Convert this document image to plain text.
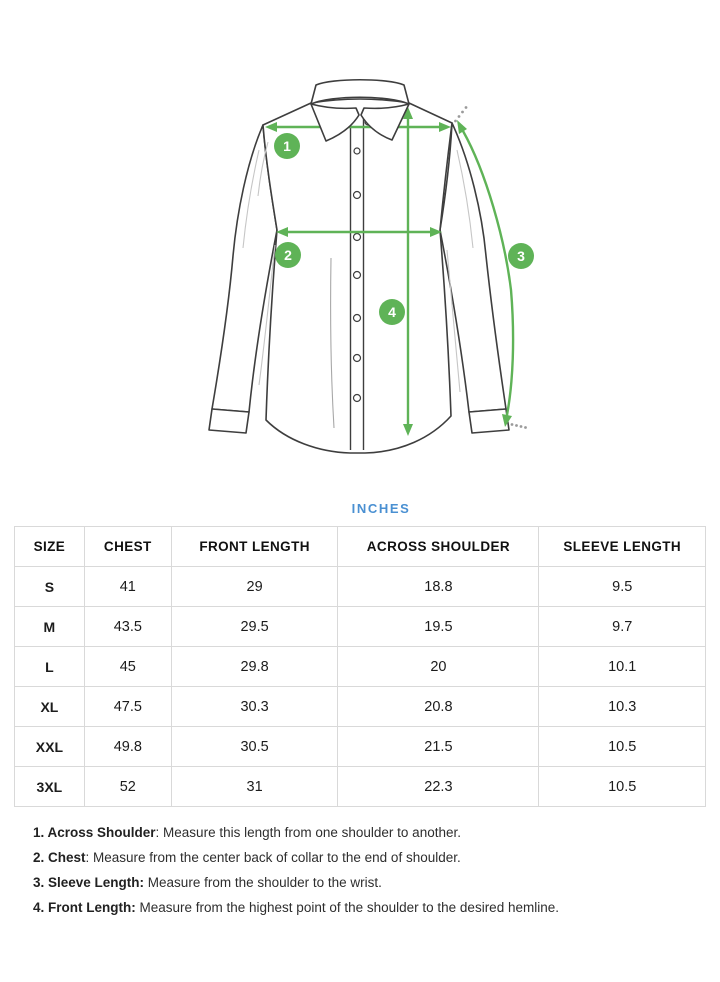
1
2	3
4
INCHES
SIZE	CHEST	FRONT LENGTH	ACROSS SHOULDER	SLEEVE LENGTH
S	41	29	18.8	9.5
M	43.5	29.5	19.5	9.7
L	45	29.8	20	10.1
XL	47.5	30.3	20.8	10.3
XXL	49.8	30.5	21.5	10.5
3XL	52	31	22.3	10.5

1. Across Shoulder: Measure this length from one shoulder to another.

2. Chest: Measure from the center back of collar to the end of shoulder.

3. Sleeve Length: Measure from the shoulder to the wrist.

4. Front Length: Measure from the highest point of the shoulder to the desired hemline.
